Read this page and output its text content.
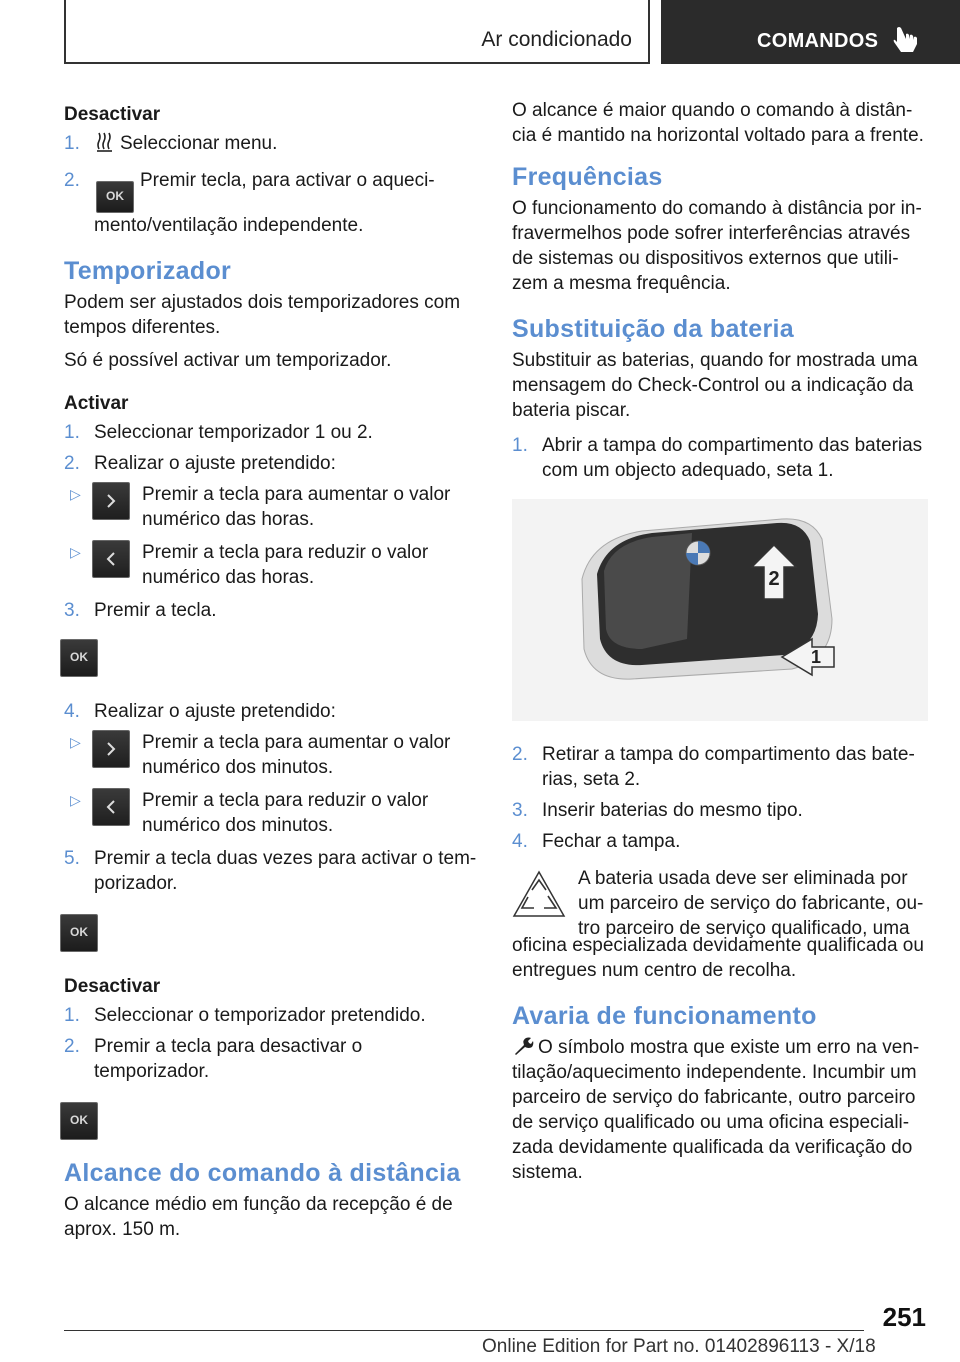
Ar condicionado	COMANDOS
Desactivar
1. Seleccionar menu.
2.
OKPremir tecla, para activar o aqueci-mento/ventilação independente.
Temporizador

Podem ser ajustados dois temporizadores com tempos diferentes.

Só é possível activar um temporizador.

Activar
1. Seleccionar temporizador 1 ou 2.
2. Realizar o ajuste pretendido:
▷	Premir a tecla para aumentar o valor numérico das horas.
▷	Premir a tecla para reduzir o valor numérico das horas.
3. Premir a tecla.
OK
4. Realizar o ajuste pretendido:
▷	Premir a tecla para aumentar o valor numérico dos minutos.
▷	Premir a tecla para reduzir o valor numérico dos minutos.
5. Premir a tecla duas vezes para activar o tem-porizador.
OK
Desactivar
1. Seleccionar o temporizador pretendido.
2. Premir a tecla para desactivar o temporizador.
OK
Alcance do comando à distância

O alcance médio em função da recepção é de aprox. 150 m.

O alcance é maior quando o comando à distân-cia é mantido na horizontal voltado para a frente.

Frequências

O funcionamento do comando à distância por in-fravermelhos pode sofrer interferências através de sistemas ou dispositivos externos que utili-zem a mesma frequência.

Substituição da bateria

Substituir as baterias, quando for mostrada uma mensagem do Check-Control ou a indicação da bateria piscar.

1. Abrir a tampa do compartimento das baterias com um objecto adequado, seta 1.
2
1
2. Retirar a tampa do compartimento das bate-rias, seta 2.
3. Inserir baterias do mesmo tipo.
4. Fechar a tampa.

A bateria usada deve ser eliminada por um parceiro de serviço do fabricante, ou-tro parceiro de serviço qualificado, uma

oficina especializada devidamente qualificada ou entregues num centro de recolha.

Avaria de funcionamento

O símbolo mostra que existe um erro na ven-tilação/aquecimento independente. Incumbir um parceiro de serviço do fabricante, outro parceiro de serviço qualificado ou uma oficina especiali-zada devidamente qualificada da verificação do sistema.

251
Online Edition for Part no. 01402896113 - X/18
